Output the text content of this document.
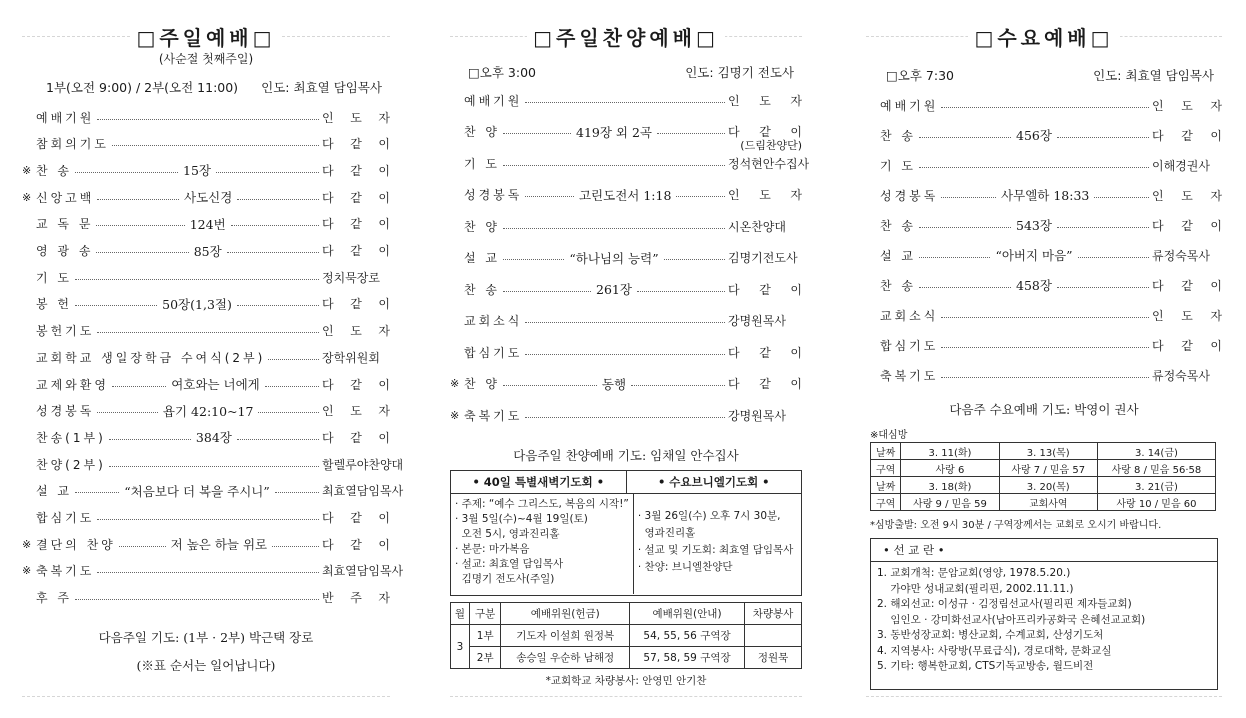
□주일예배□
(사순절 첫째주일)
1부(오전 9:00) / 2부(오전 11:00) 인도: 최효열 담임목사
예배기원	인 도 자
참회의기도	다 같 이
※ 찬 송	15장	다 같 이
※ 신앙고백	사도신경	다 같 이
교 독 문	124번	다 같 이
영 광 송	85장	다 같 이
기 도	정치묵장로
봉 헌	50장(1,3절)	다 같 이
봉헌기도	인 도 자
교회학교 생일장학금 수여식(2부)	장학위원회
교제와환영	여호와는 너에게	다 같 이
성경봉독	욥기 42:10~17	인 도 자
찬송(1부)	384장	다 같 이
찬양(2부)	할렐루야찬양대
설 교	“처음보다 더 복을 주시니”	최효열담임목사
합심기도	다 같 이
※ 결단의 찬양	저 높은 하늘 위로	다 같 이
※ 축복기도	최효열담임목사
후 주	반 주 자
다음주일 기도: (1부 · 2부) 박근택 장로
(※표 순서는 일어납니다)
□주일찬양예배□
□오후 3:00	인도: 김명기 전도사
예배기원	인 도 자
찬 양	419장 외 2곡	다 같 이
(드림찬양단)
기 도	정석현안수집사
성경봉독	고린도전서 1:18	인 도 자
찬 양	시온찬양대
설 교	“하나님의 능력”	김명기전도사
찬 송	261장	다 같 이
교회소식	강명원목사
합심기도	다 같 이
※ 찬 양	동행	다 같 이
※ 축복기도	강명원목사
다음주일 찬양예배 기도: 임채일 안수집사
• 40일 특별새벽기도회 •	• 수요브니엘기도회 •
· 주제: “예수 그리스도, 복음의 시작!”
· 3월 5일(수)~4월 19일(토)
오전 5시, 영과진리홀
· 본문: 마가복음
· 설교: 최효열 담임목사
김명기 전도사(주일)
· 3월 26일(수) 오후 7시 30분,
영과진리홀
· 설교 및 기도회: 최효열 담임목사
· 찬양: 브니엘찬양단
월	구분	예배위원(헌금)	예배위원(안내)	차량봉사
3	1부	기도자 이설희 원정복	54, 55, 56 구역장	
	2부	송승일 우순하 남해정	57, 58, 59 구역장	정원묵
*교회학교 차량봉사: 안영민 안기찬
□수요예배□
□오후 7:30	인도: 최효열 담임목사
예배기원	인 도 자
찬 송	456장	다 같 이
기 도	이해경권사
성경봉독	사무엘하 18:33	인 도 자
찬 송	543장	다 같 이
설 교	“아버지 마음”	류정숙목사
찬 송	458장	다 같 이
교회소식	인 도 자
합심기도	다 같 이
축복기도	류정숙목사
다음주 수요예배 기도: 박영이 권사
※대심방
날짜	3. 11(화)	3. 13(목)	3. 14(금)
구역	사랑 6	사랑 7 / 믿음 57	사랑 8 / 믿음 56·58
날짜	3. 18(화)	3. 20(목)	3. 21(금)
구역	사랑 9 / 믿음 59	교회사역	사랑 10 / 믿음 60
*심방출발: 오전 9시 30분 / 구역장께서는 교회로 오시기 바랍니다.
• 선 교 란 •
1. 교회개척: 문암교회(영양, 1978.5.20.)
가야만 성내교회(필리핀, 2002.11.11.)
2. 해외선교: 이성규 · 김정림선교사(필리핀 제자들교회)
임인오 · 강미화선교사(남아프리카공화국 은혜선교교회)
3. 동반성장교회: 병산교회, 수계교회, 산성기도처
4. 지역봉사: 사랑방(무료급식), 경로대학, 문화교실
5. 기타: 행복한교회, CTS기독교방송, 월드비전
